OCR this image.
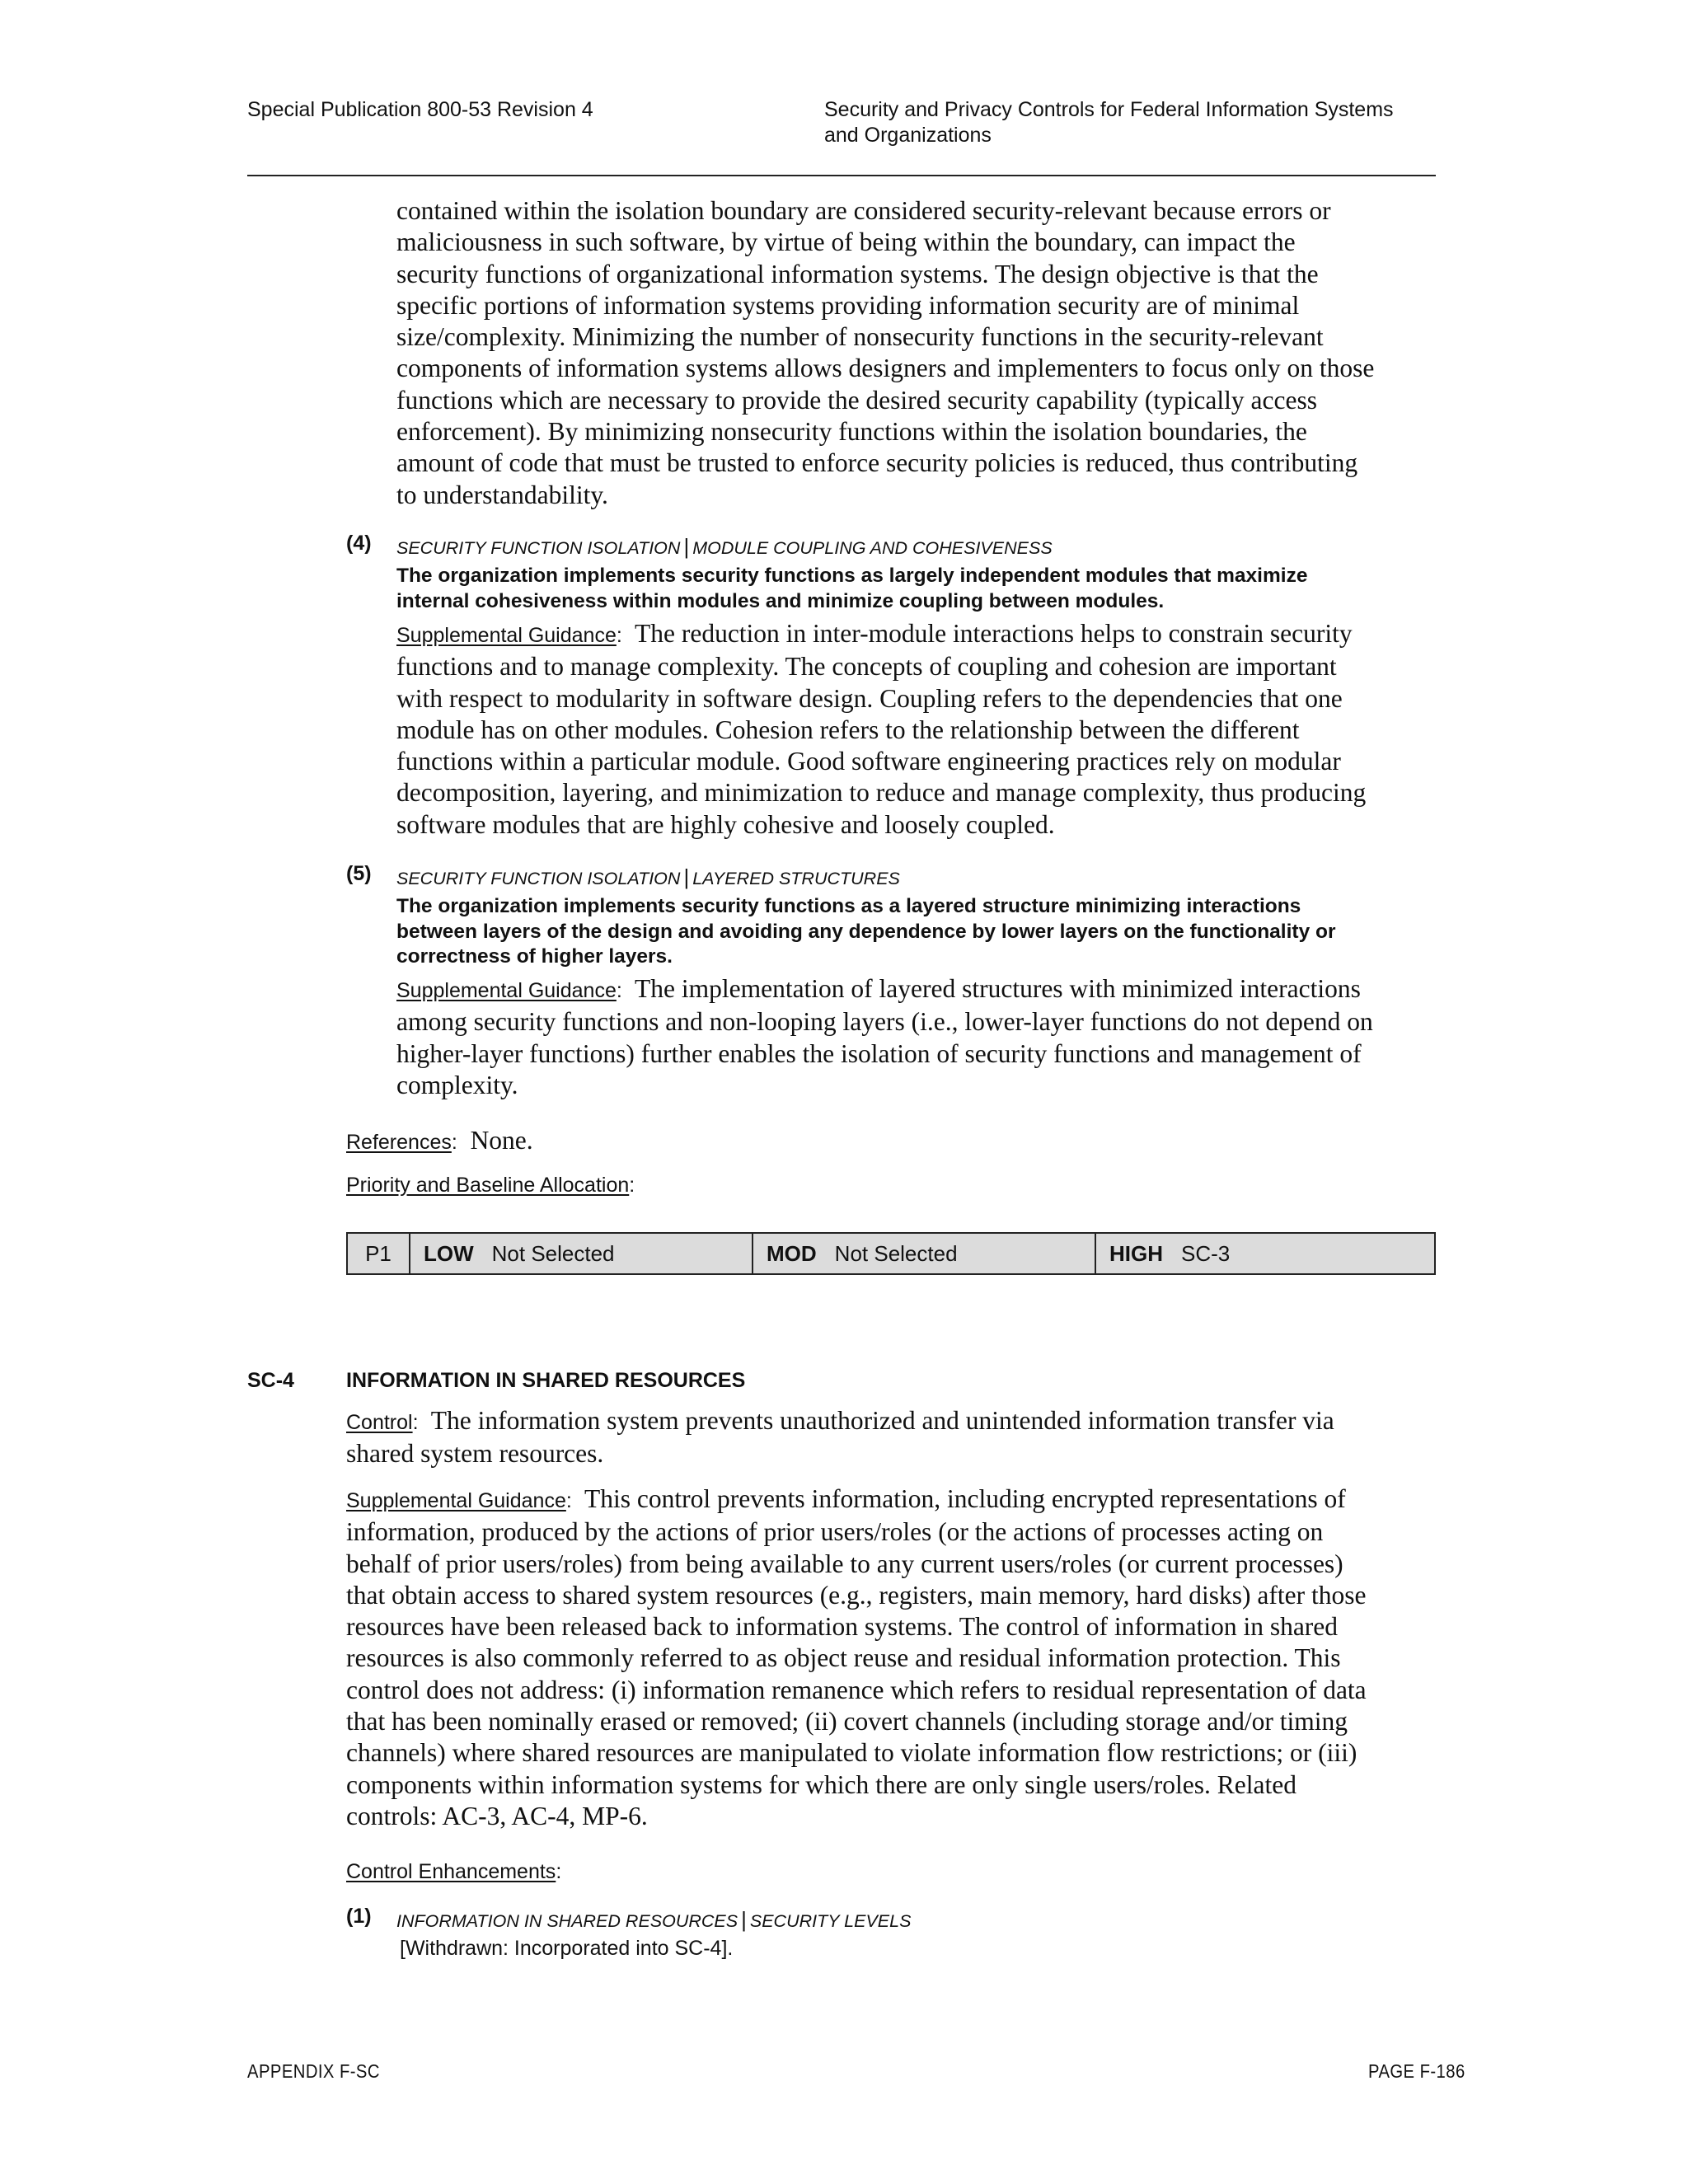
Special Publication 800-53 Revision 4	Security and Privacy Controls for Federal Information Systems
and Organizations
contained within the isolation boundary are considered security-relevant because errors or
maliciousness in such software, by virtue of being within the boundary, can impact the
security functions of organizational information systems. The design objective is that the
specific portions of information systems providing information security are of minimal
size/complexity. Minimizing the number of nonsecurity functions in the security-relevant
components of information systems allows designers and implementers to focus only on those
functions which are necessary to provide the desired security capability (typically access
enforcement). By minimizing nonsecurity functions within the isolation boundaries, the
amount of code that must be trusted to enforce security policies is reduced, thus contributing
to understandability.
(4) SECURITY FUNCTION ISOLATION | MODULE COUPLING AND COHESIVENESS
The organization implements security functions as largely independent modules that maximize
internal cohesiveness within modules and minimize coupling between modules.
Supplemental Guidance: The reduction in inter-module interactions helps to constrain security
functions and to manage complexity. The concepts of coupling and cohesion are important
with respect to modularity in software design. Coupling refers to the dependencies that one
module has on other modules. Cohesion refers to the relationship between the different
functions within a particular module. Good software engineering practices rely on modular
decomposition, layering, and minimization to reduce and manage complexity, thus producing
software modules that are highly cohesive and loosely coupled.
(5) SECURITY FUNCTION ISOLATION | LAYERED STRUCTURES
The organization implements security functions as a layered structure minimizing interactions
between layers of the design and avoiding any dependence by lower layers on the functionality or
correctness of higher layers.
Supplemental Guidance: The implementation of layered structures with minimized interactions
among security functions and non-looping layers (i.e., lower-layer functions do not depend on
higher-layer functions) further enables the isolation of security functions and management of
complexity.
References: None.
Priority and Baseline Allocation:
P1	LOW Not Selected	MOD Not Selected	HIGH SC-3
SC-4	INFORMATION IN SHARED RESOURCES
Control: The information system prevents unauthorized and unintended information transfer via
shared system resources.
Supplemental Guidance: This control prevents information, including encrypted representations of
information, produced by the actions of prior users/roles (or the actions of processes acting on
behalf of prior users/roles) from being available to any current users/roles (or current processes)
that obtain access to shared system resources (e.g., registers, main memory, hard disks) after those
resources have been released back to information systems. The control of information in shared
resources is also commonly referred to as object reuse and residual information protection. This
control does not address: (i) information remanence which refers to residual representation of data
that has been nominally erased or removed; (ii) covert channels (including storage and/or timing
channels) where shared resources are manipulated to violate information flow restrictions; or (iii)
components within information systems for which there are only single users/roles. Related
controls: AC-3, AC-4, MP-6.
Control Enhancements:
(1) INFORMATION IN SHARED RESOURCES | SECURITY LEVELS
[Withdrawn: Incorporated into SC-4].
APPENDIX F-SC	PAGE F-186
